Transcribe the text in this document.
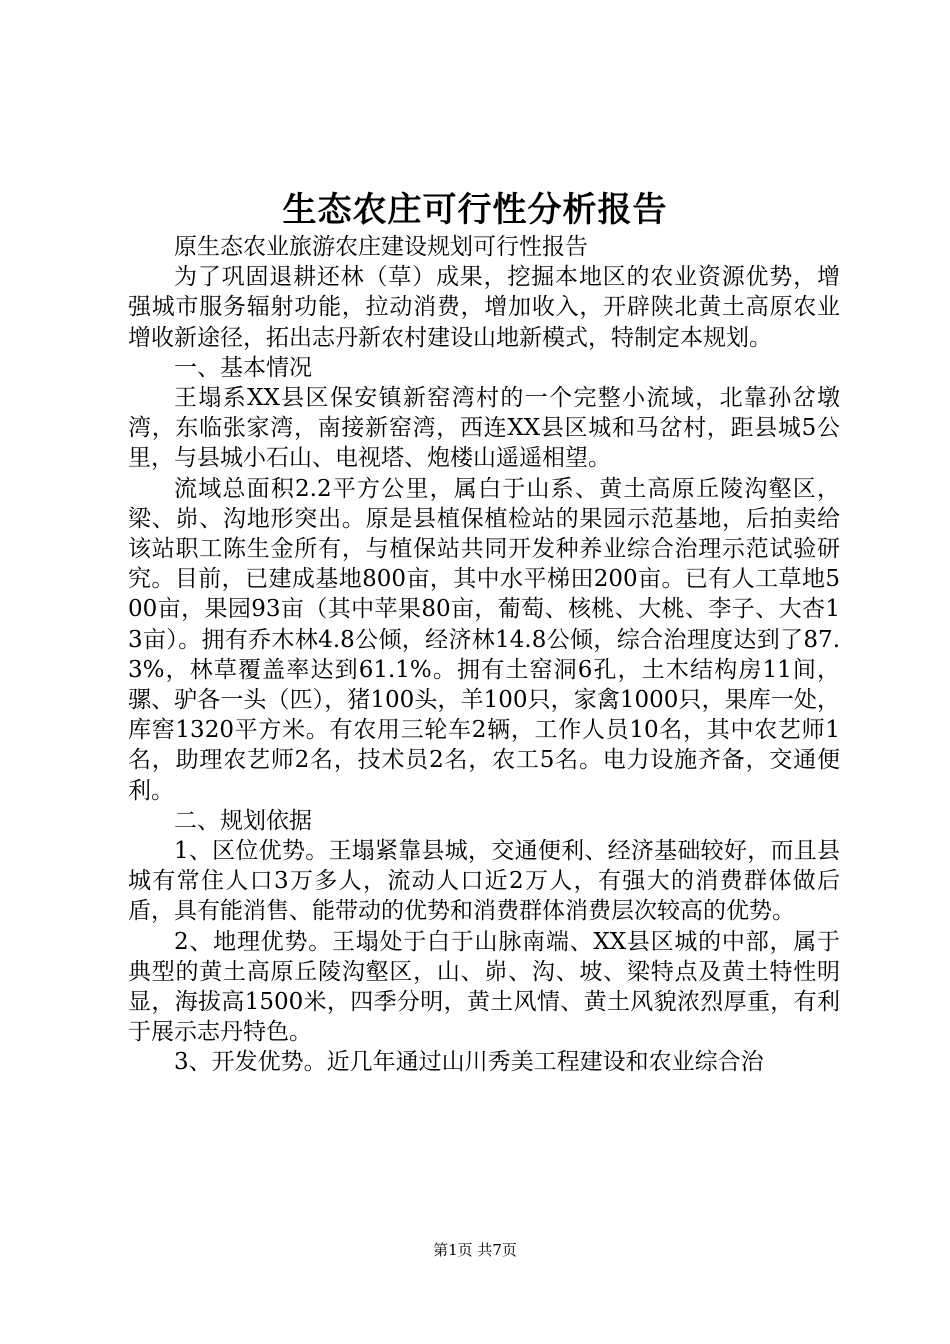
生态农庄可行性分析报告

原生态农业旅游农庄建设规划可行性报告

为了巩固退耕还林（草）成果，挖掘本地区的农业资源优势，增强城市服务辐射功能，拉动消费，增加收入，开辟陕北黄土高原农业增收新途径，拓出志丹新农村建设山地新模式，特制定本规划。

一、基本情况

王塌系XX县区保安镇新窑湾村的一个完整小流域，北靠孙岔墩湾，东临张家湾，南接新窑湾，西连XX县区城和马岔村，距县城5公里，与县城小石山、电视塔、炮楼山遥遥相望。

流域总面积2.2平方公里，属白于山系、黄土高原丘陵沟壑区，梁、峁、沟地形突出。原是县植保植检站的果园示范基地，后拍卖给该站职工陈生金所有，与植保站共同开发种养业综合治理示范试验研究。目前，已建成基地800亩，其中水平梯田200亩。已有人工草地500亩，果园93亩（其中苹果80亩，葡萄、核桃、大桃、李子、大杏13亩）。拥有乔木林4.8公倾，经济林14.8公倾，综合治理度达到了87.3%，林草覆盖率达到61.1%。拥有土窑洞6孔，土木结构房11间，骡、驴各一头（匹），猪100头，羊100只，家禽1000只，果库一处，库窖1320平方米。有农用三轮车2辆，工作人员10名，其中农艺师1名，助理农艺师2名，技术员2名，农工5名。电力设施齐备，交通便利。

二、规划依据

1、区位优势。王塌紧靠县城，交通便利、经济基础较好，而且县城有常住人口3万多人，流动人口近2万人，有强大的消费群体做后盾，具有能消售、能带动的优势和消费群体消费层次较高的优势。

2、地理优势。王塌处于白于山脉南端、XX县区城的中部，属于典型的黄土高原丘陵沟壑区，山、峁、沟、坡、梁特点及黄土特性明显，海拔高1500米，四季分明，黄土风情、黄土风貌浓烈厚重，有利于展示志丹特色。

3、开发优势。近几年通过山川秀美工程建设和农业综合治

第1页 共7页
